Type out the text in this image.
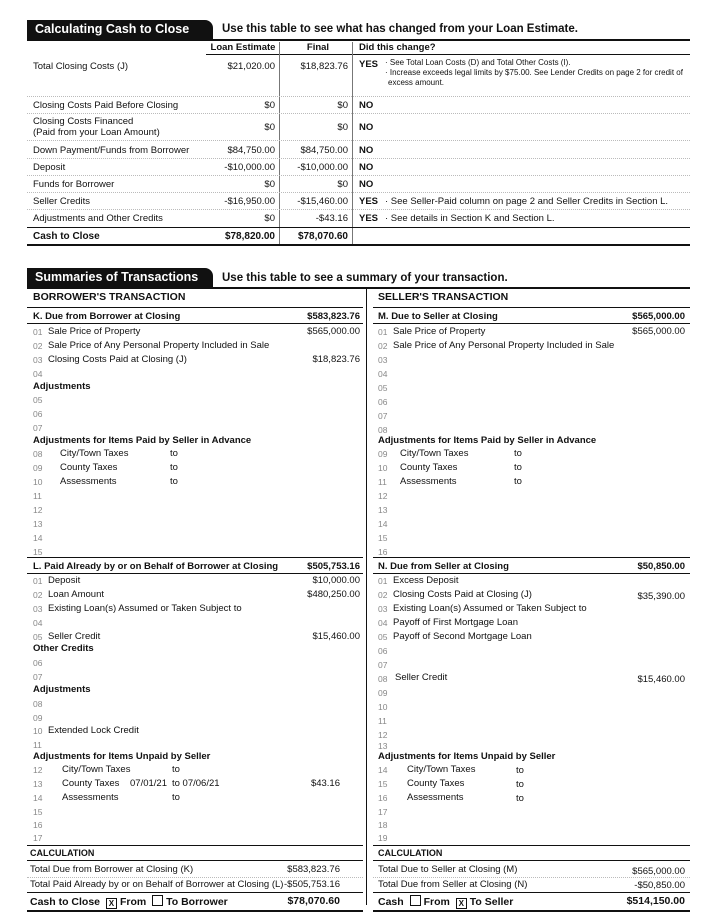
Calculating Cash to Close	Use this table to see what has changed from your Loan Estimate.
Loan Estimate	Final	Did this change?
Total Closing Costs (J)	$21,020.00	$18,823.76 YES · See Total Loan Costs (D) and Total Other Costs (I).
· Increase exceeds legal limits by $75.00. See Lender Credits on page 2 for credit of
excess amount.
Closing Costs Paid Before Closing	$0	$0 NO
Closing Costs Financed
(Paid from your Loan Amount)	$0	$0 NO
Down Payment/Funds from Borrower	$84,750.00	$84,750.00 NO
Deposit	-$10,000.00	-$10,000.00 NO
Funds for Borrower	$0	$0 NO
Seller Credits	-$16,950.00	-$15,460.00 YES · See Seller-Paid column on page 2 and Seller Credits in Section L.
Adjustments and Other Credits	$0	-$43.16 YES · See details in Section K and Section L.
Cash to Close	$78,820.00	$78,070.60
Summaries of Transactions	Use this table to see a summary of your transaction.
BORROWER'S TRANSACTION	SELLER'S TRANSACTION
K. Due from Borrower at Closing	$583,823.76
01 Sale Price of Property	$565,000.00
02 Sale Price of Any Personal Property Included in Sale
03 Closing Costs Paid at Closing (J)	$18,823.76
04
Adjustments
05
06
07
Adjustments for Items Paid by Seller in Advance
08 City/Town Taxes	to
09 County Taxes	to
10 Assessments	to
11
12
13
14
15
M. Due to Seller at Closing	$565,000.00
01 Sale Price of Property	$565,000.00
02 Sale Price of Any Personal Property Included in Sale
03
04
05
06
07
08
Adjustments for Items Paid by Seller in Advance
09 City/Town Taxes	to
10 County Taxes	to
11 Assessments	to
12
13
14
15
16
L. Paid Already by or on Behalf of Borrower at Closing	$505,753.16
01 Deposit	$10,000.00
02 Loan Amount	$480,250.00
03 Existing Loan(s) Assumed or Taken Subject to
04
05 Seller Credit	$15,460.00
Other Credits
06
07
Adjustments
08
09
10 Extended Lock Credit
11
Adjustments for Items Unpaid by Seller
12 City/Town Taxes	to
13 County Taxes 07/01/21 to 07/06/21	$43.16
14 Assessments	to
15
16
17
N. Due from Seller at Closing	$50,850.00
01 Excess Deposit
02 Closing Costs Paid at Closing (J)	$35,390.00
03 Existing Loan(s) Assumed or Taken Subject to
04 Payoff of First Mortgage Loan
05 Payoff of Second Mortgage Loan
06
07
08 Seller Credit	$15,460.00
09
10
11
12
13
Adjustments for Items Unpaid by Seller
14 City/Town Taxes	to
15 County Taxes	to
16 Assessments	to
17
18
19
CALCULATION
Total Due from Borrower at Closing (K)	$583,823.76
Total Paid Already by or on Behalf of Borrower at Closing (L) -$505,753.16
Cash to Close X From To Borrower	$78,070.60
CALCULATION
Total Due to Seller at Closing (M)	$565,000.00
Total Due from Seller at Closing (N)	-$50,850.00
Cash From X To Seller	$514,150.00
